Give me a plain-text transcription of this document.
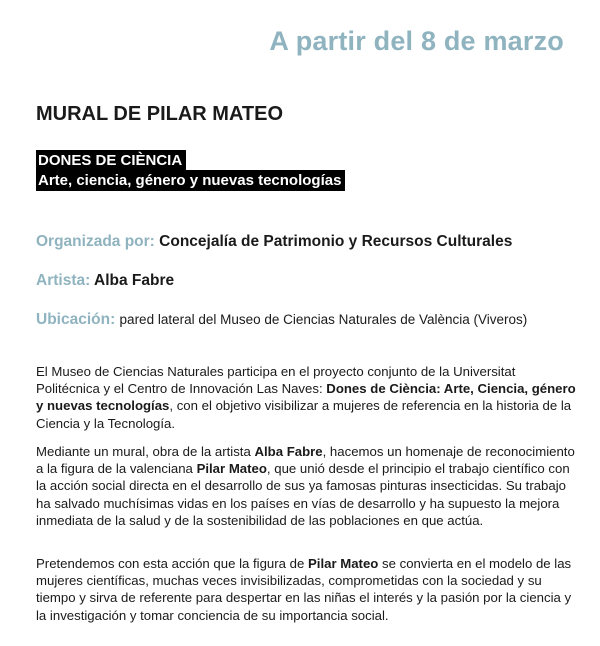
A partir del 8 de marzo
MURAL DE PILAR MATEO
DONES DE CIÈNCIA
Arte, ciencia, género y nuevas tecnologías
Organizada por: Concejalía de Patrimonio y Recursos Culturales
Artista: Alba Fabre
Ubicación: pared lateral del Museo de Ciencias Naturales de València (Viveros)

El Museo de Ciencias Naturales participa en el proyecto conjunto de la Universitat Politécnica y el Centro de Innovación Las Naves: Dones de Ciència: Arte, Ciencia, género y nuevas tecnologías, con el objetivo visibilizar a mujeres de referencia en la historia de la Ciencia y la Tecnología.

Mediante un mural, obra de la artista Alba Fabre, hacemos un homenaje de reconocimiento a la figura de la valenciana Pilar Mateo, que unió desde el principio el trabajo científico con la acción social directa en el desarrollo de sus ya famosas pinturas insecticidas. Su trabajo ha salvado muchísimas vidas en los países en vías de desarrollo y ha supuesto la mejora inmediata de la salud y de la sostenibilidad de las poblaciones en que actúa.

Pretendemos con esta acción que la figura de Pilar Mateo se convierta en el modelo de las mujeres científicas, muchas veces invisibilizadas, comprometidas con la sociedad y su tiempo y sirva de referente para despertar en las niñas el interés y la pasión por la ciencia y la investigación y tomar conciencia de su importancia social.
